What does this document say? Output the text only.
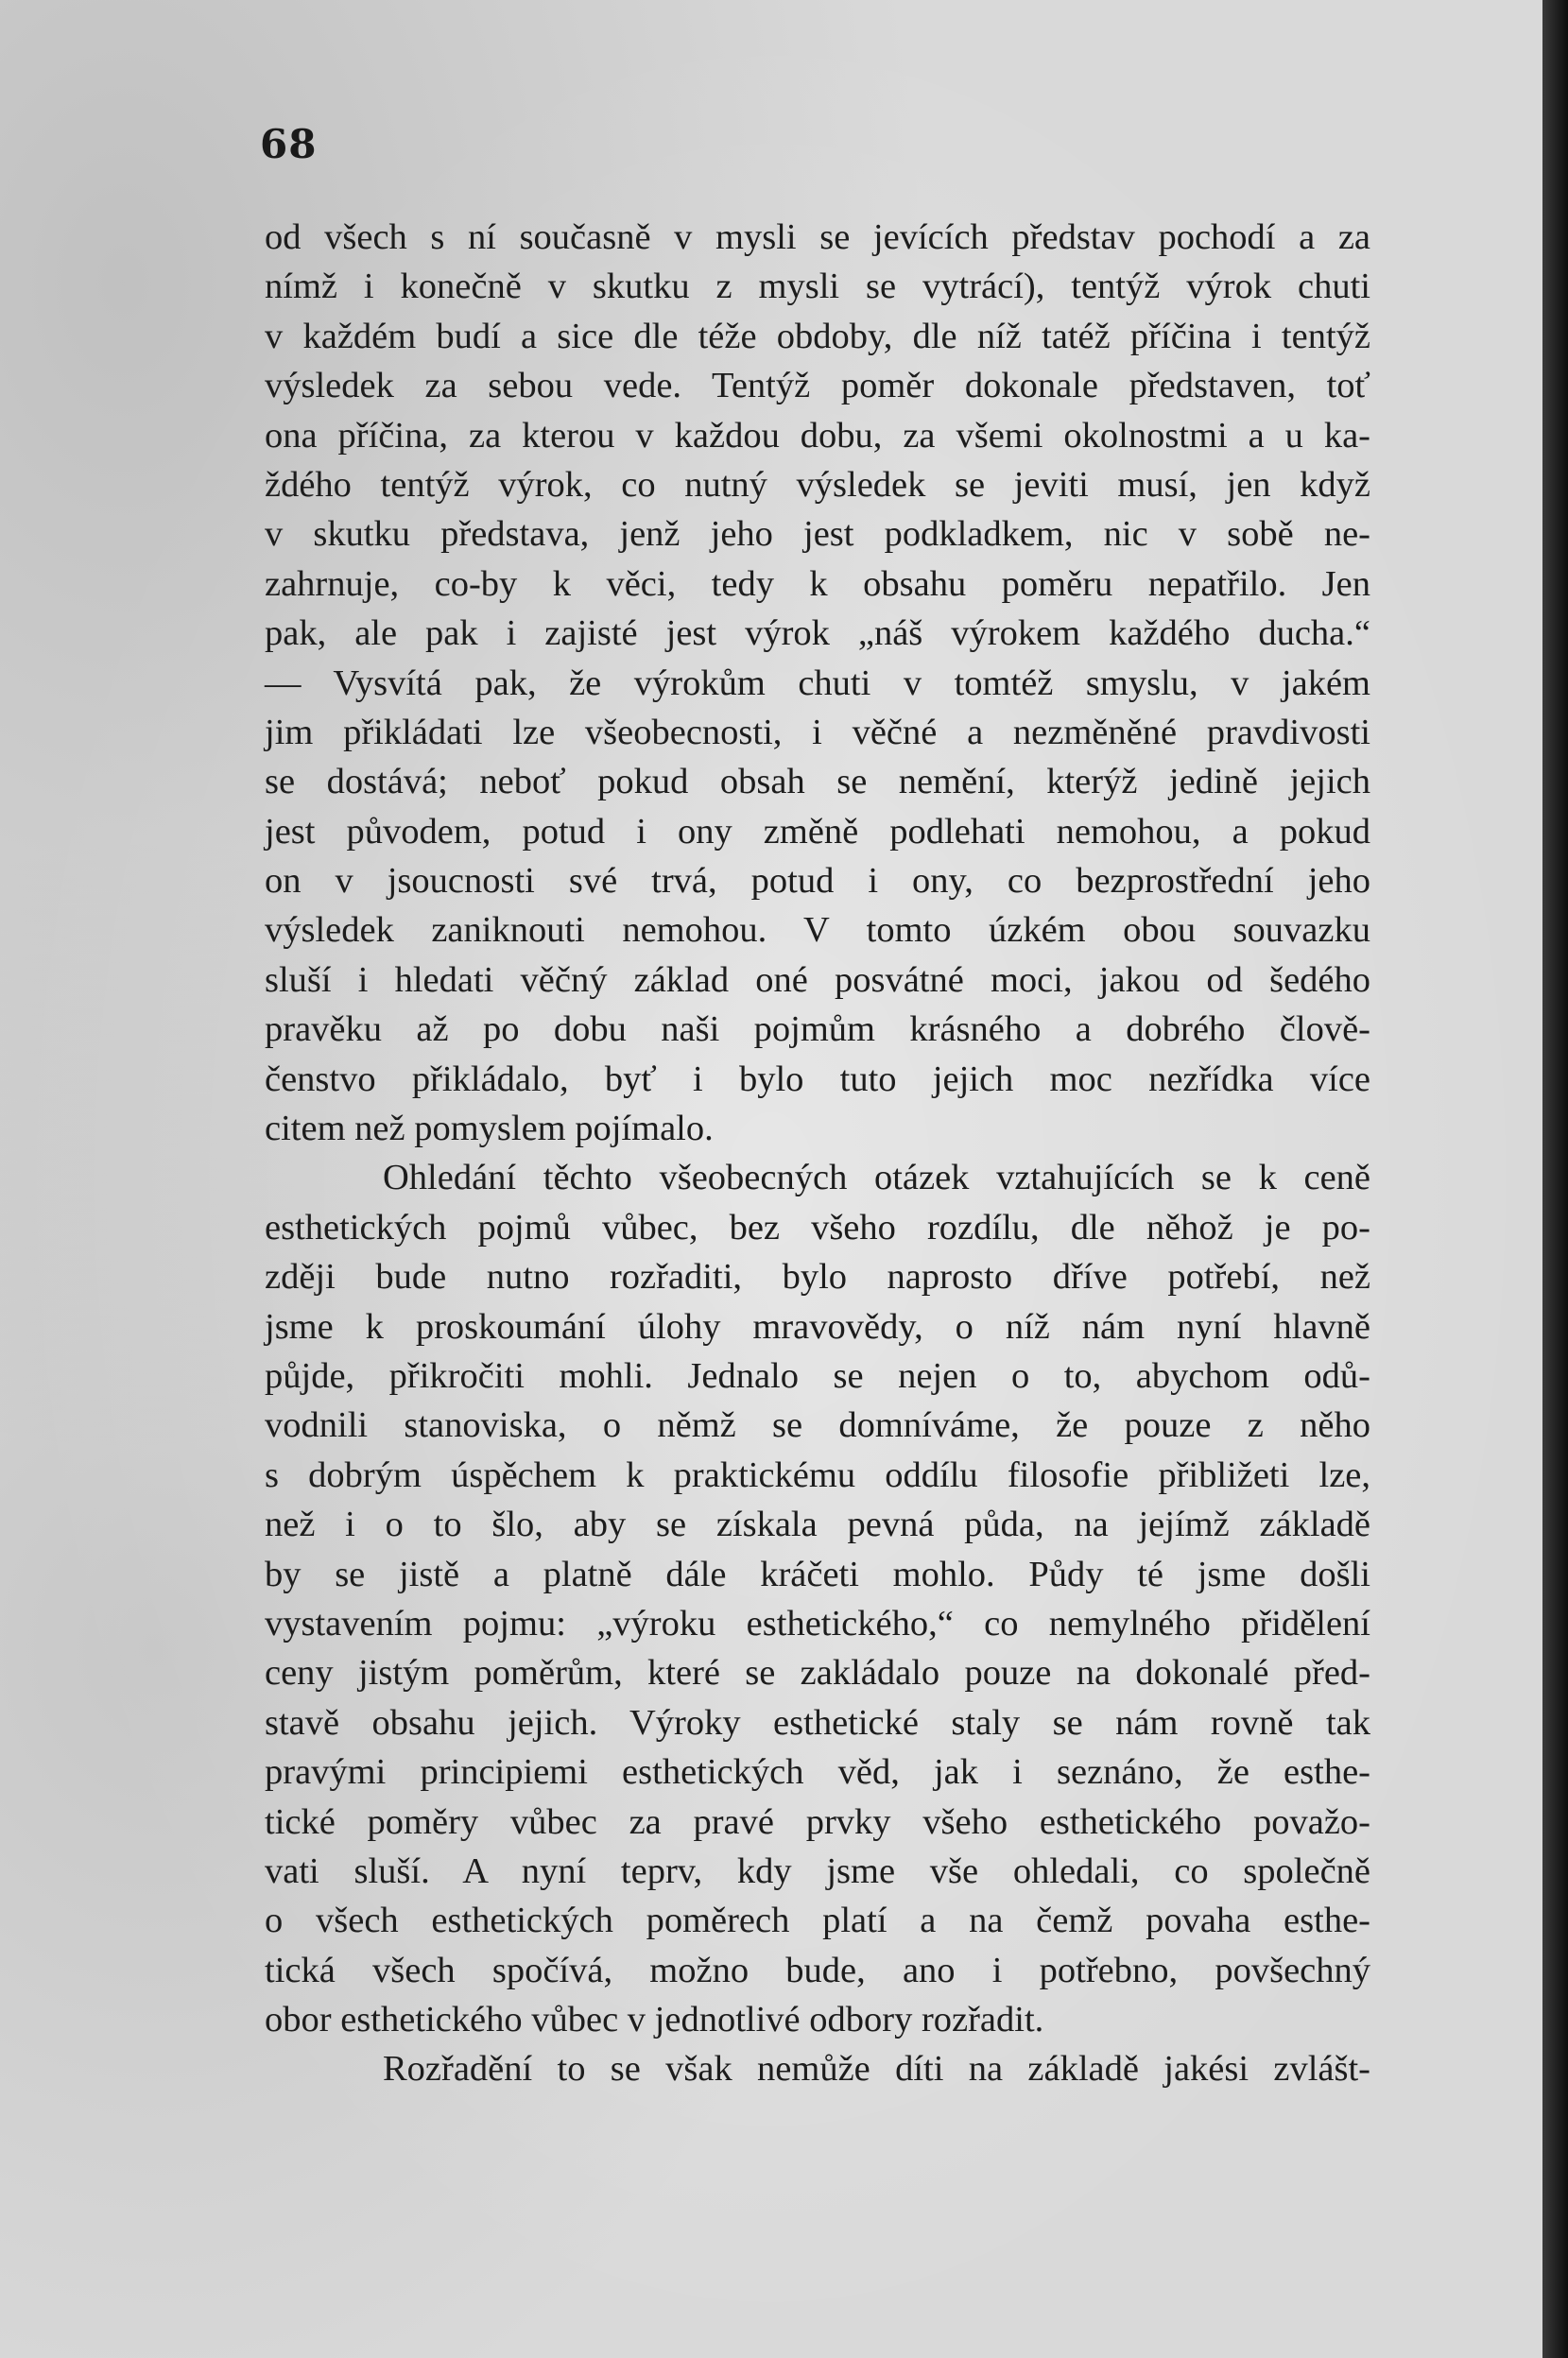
68
od všech s ní současně v mysli se jevících představ pochodí a za
nímž i konečně v skutku z mysli se vytrácí), tentýž výrok chuti
v každém budí a sice dle téže obdoby, dle níž tatéž příčina i tentýž
výsledek za sebou vede. Tentýž poměr dokonale představen, toť
ona příčina, za kterou v každou dobu, za všemi okolnostmi a u ka-
ždého tentýž výrok, co nutný výsledek se jeviti musí, jen když
v skutku představa, jenž jeho jest podkladkem, nic v sobě ne-
zahrnuje, co-by k věci, tedy k obsahu poměru nepatřilo. Jen
pak, ale pak i zajisté jest výrok „náš výrokem každého ducha.“
— Vysvítá pak, že výrokům chuti v tomtéž smyslu, v jakém
jim přikládati lze všeobecnosti, i věčné a nezměněné pravdivosti
se dostává; neboť pokud obsah se nemění, kterýž jedině jejich
jest původem, potud i ony změně podlehati nemohou, a pokud
on v jsoucnosti své trvá, potud i ony, co bezprostřední jeho
výsledek zaniknouti nemohou. V tomto úzkém obou souvazku
sluší i hledati věčný základ oné posvátné moci, jakou od šedého
pravěku až po dobu naši pojmům krásného a dobrého člově-
čenstvo přikládalo, byť i bylo tuto jejich moc nezřídka více
citem než pomyslem pojímalo.
Ohledání těchto všeobecných otázek vztahujících se k ceně
esthetických pojmů vůbec, bez všeho rozdílu, dle něhož je po-
zději bude nutno rozřaditi, bylo naprosto dříve potřebí, než
jsme k proskoumání úlohy mravovědy, o níž nám nyní hlavně
půjde, přikročiti mohli. Jednalo se nejen o to, abychom odů-
vodnili stanoviska, o němž se domníváme, že pouze z něho
s dobrým úspěchem k praktickému oddílu filosofie přibližeti lze,
než i o to šlo, aby se získala pevná půda, na jejímž základě
by se jistě a platně dále kráčeti mohlo. Půdy té jsme došli
vystavením pojmu: „výroku esthetického,“ co nemylného přidělení
ceny jistým poměrům, které se zakládalo pouze na dokonalé před-
stavě obsahu jejich. Výroky esthetické staly se nám rovně tak
pravými principiemi esthetických věd, jak i seznáno, že esthe-
tické poměry vůbec za pravé prvky všeho esthetického považo-
vati sluší. A nyní teprv, kdy jsme vše ohledali, co společně
o všech esthetických poměrech platí a na čemž povaha esthe-
tická všech spočívá, možno bude, ano i potřebno, povšechný
obor esthetického vůbec v jednotlivé odbory rozřadit.
Rozřadění to se však nemůže díti na základě jakési zvlášt-
